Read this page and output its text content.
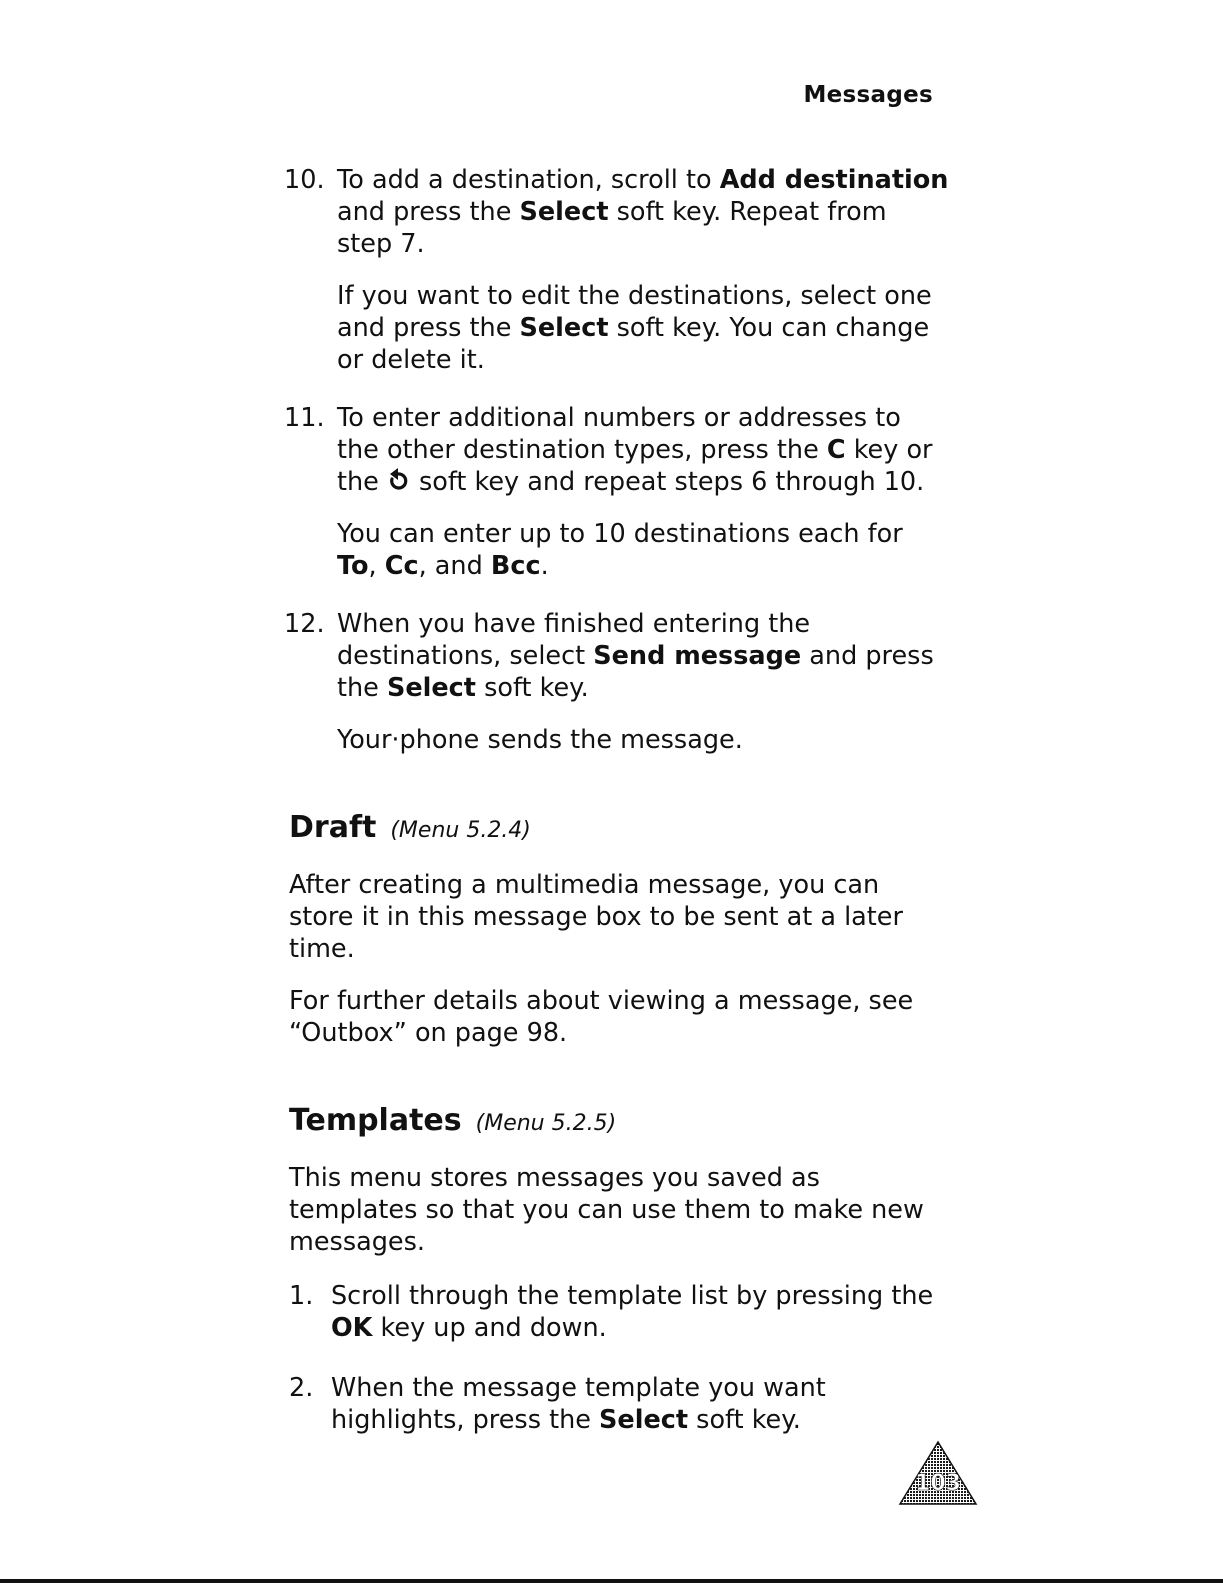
Messages
10. To add a destination, scroll to Add destination and press the Select soft key. Repeat from step 7.

If you want to edit the destinations, select one and press the Select soft key. You can change or delete it.

11. To enter additional numbers or addresses to the other destination types, press the C key or the soft key and repeat steps 6 through 10.

You can enter up to 10 destinations each for To, Cc, and Bcc.

12. When you have finished entering the destinations, select Send message and press the Select soft key.

Your·phone sends the message.

Draft (Menu 5.2.4)

After creating a multimedia message, you can store it in this message box to be sent at a later time.

For further details about viewing a message, see “Outbox” on page 98.

Templates (Menu 5.2.5)

This menu stores messages you saved as templates so that you can use them to make new messages.

1. Scroll through the template list by pressing the OK key up and down.

2. When the message template you want highlights, press the Select soft key.

103
